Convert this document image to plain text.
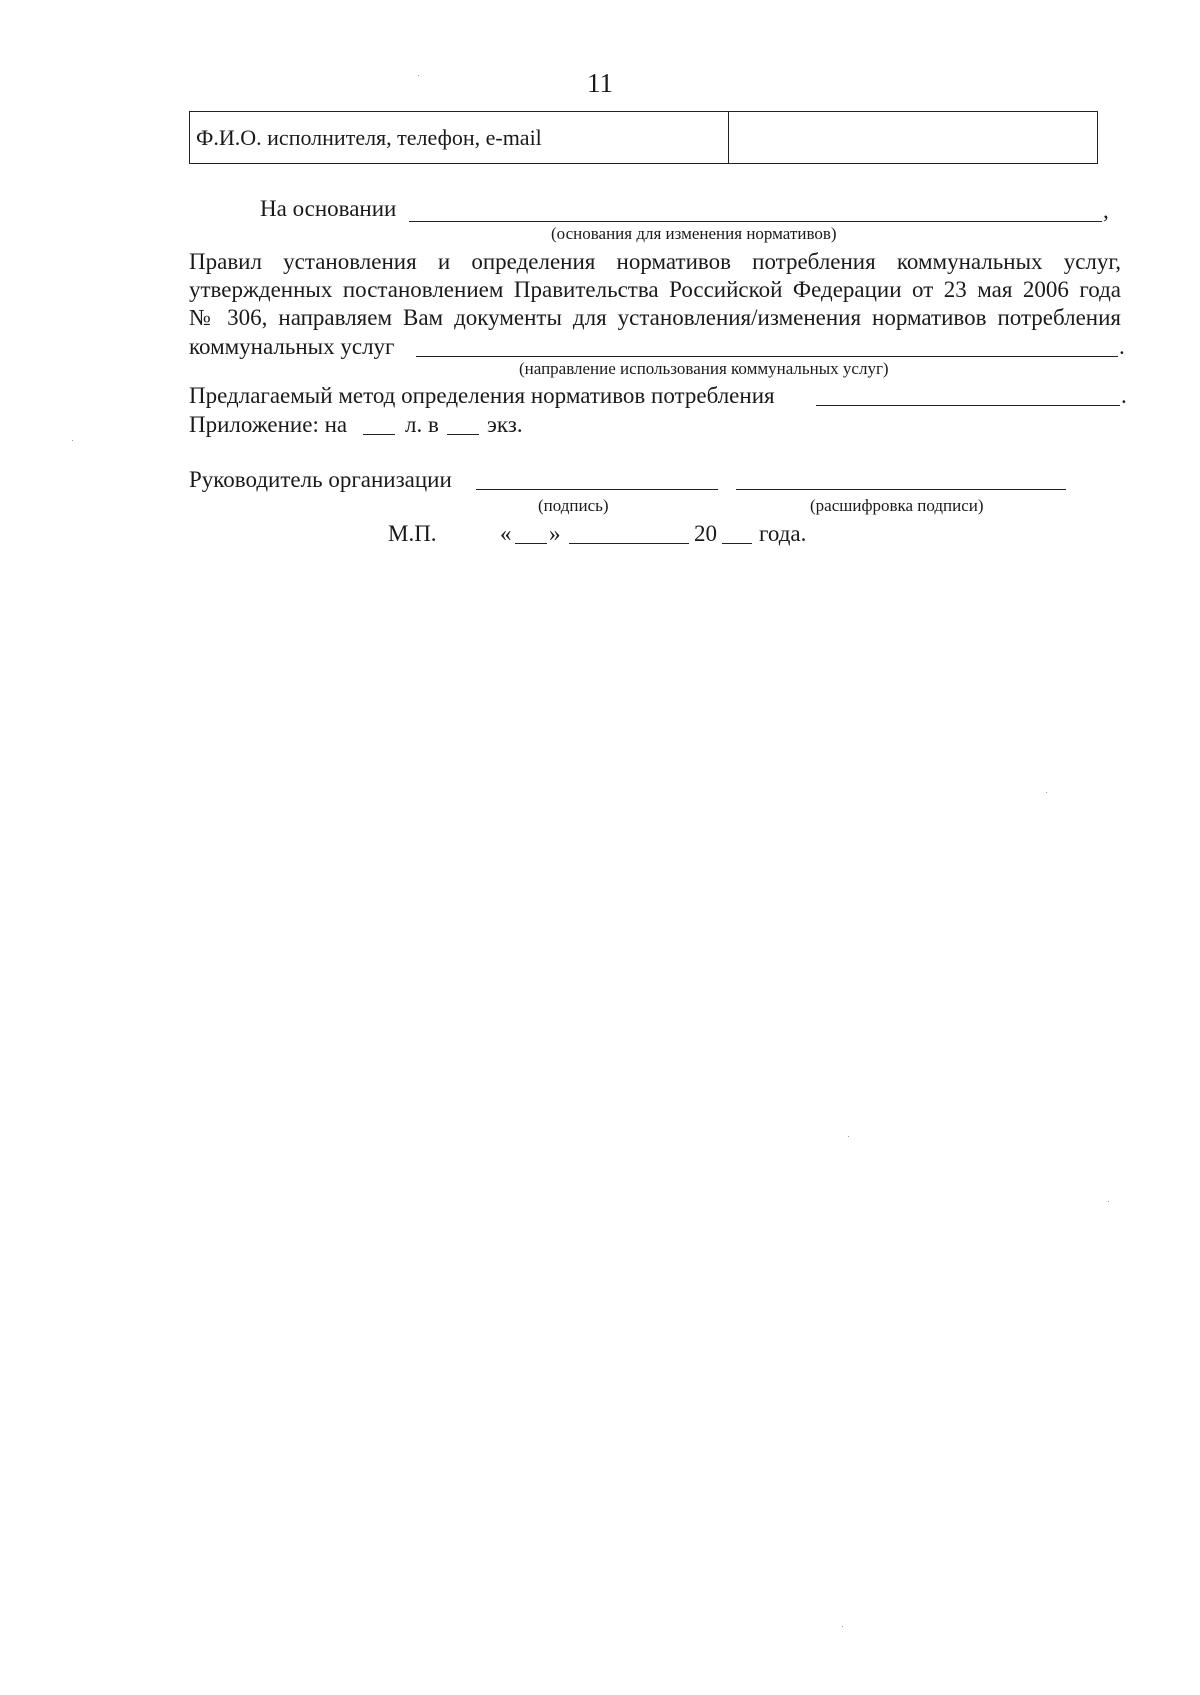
11
Ф.И.О. исполнителя, телефон, e-mail	
На основании	,
(основания для изменения нормативов)
Правил установления и определения нормативов потребления коммунальных услуг,
утвержденных постановлением Правительства Российской Федерации от 23 мая 2006 года
№ 306, направляем Вам документы для установления/изменения нормативов потребления
коммунальных услуг	.
(направление использования коммунальных услуг)
Предлагаемый метод определения нормативов потребления	.
Приложение: на	л. в экз.
Руководитель организации
(подпись)	(расшифровка подписи)
М.П.	« »	20 года.
